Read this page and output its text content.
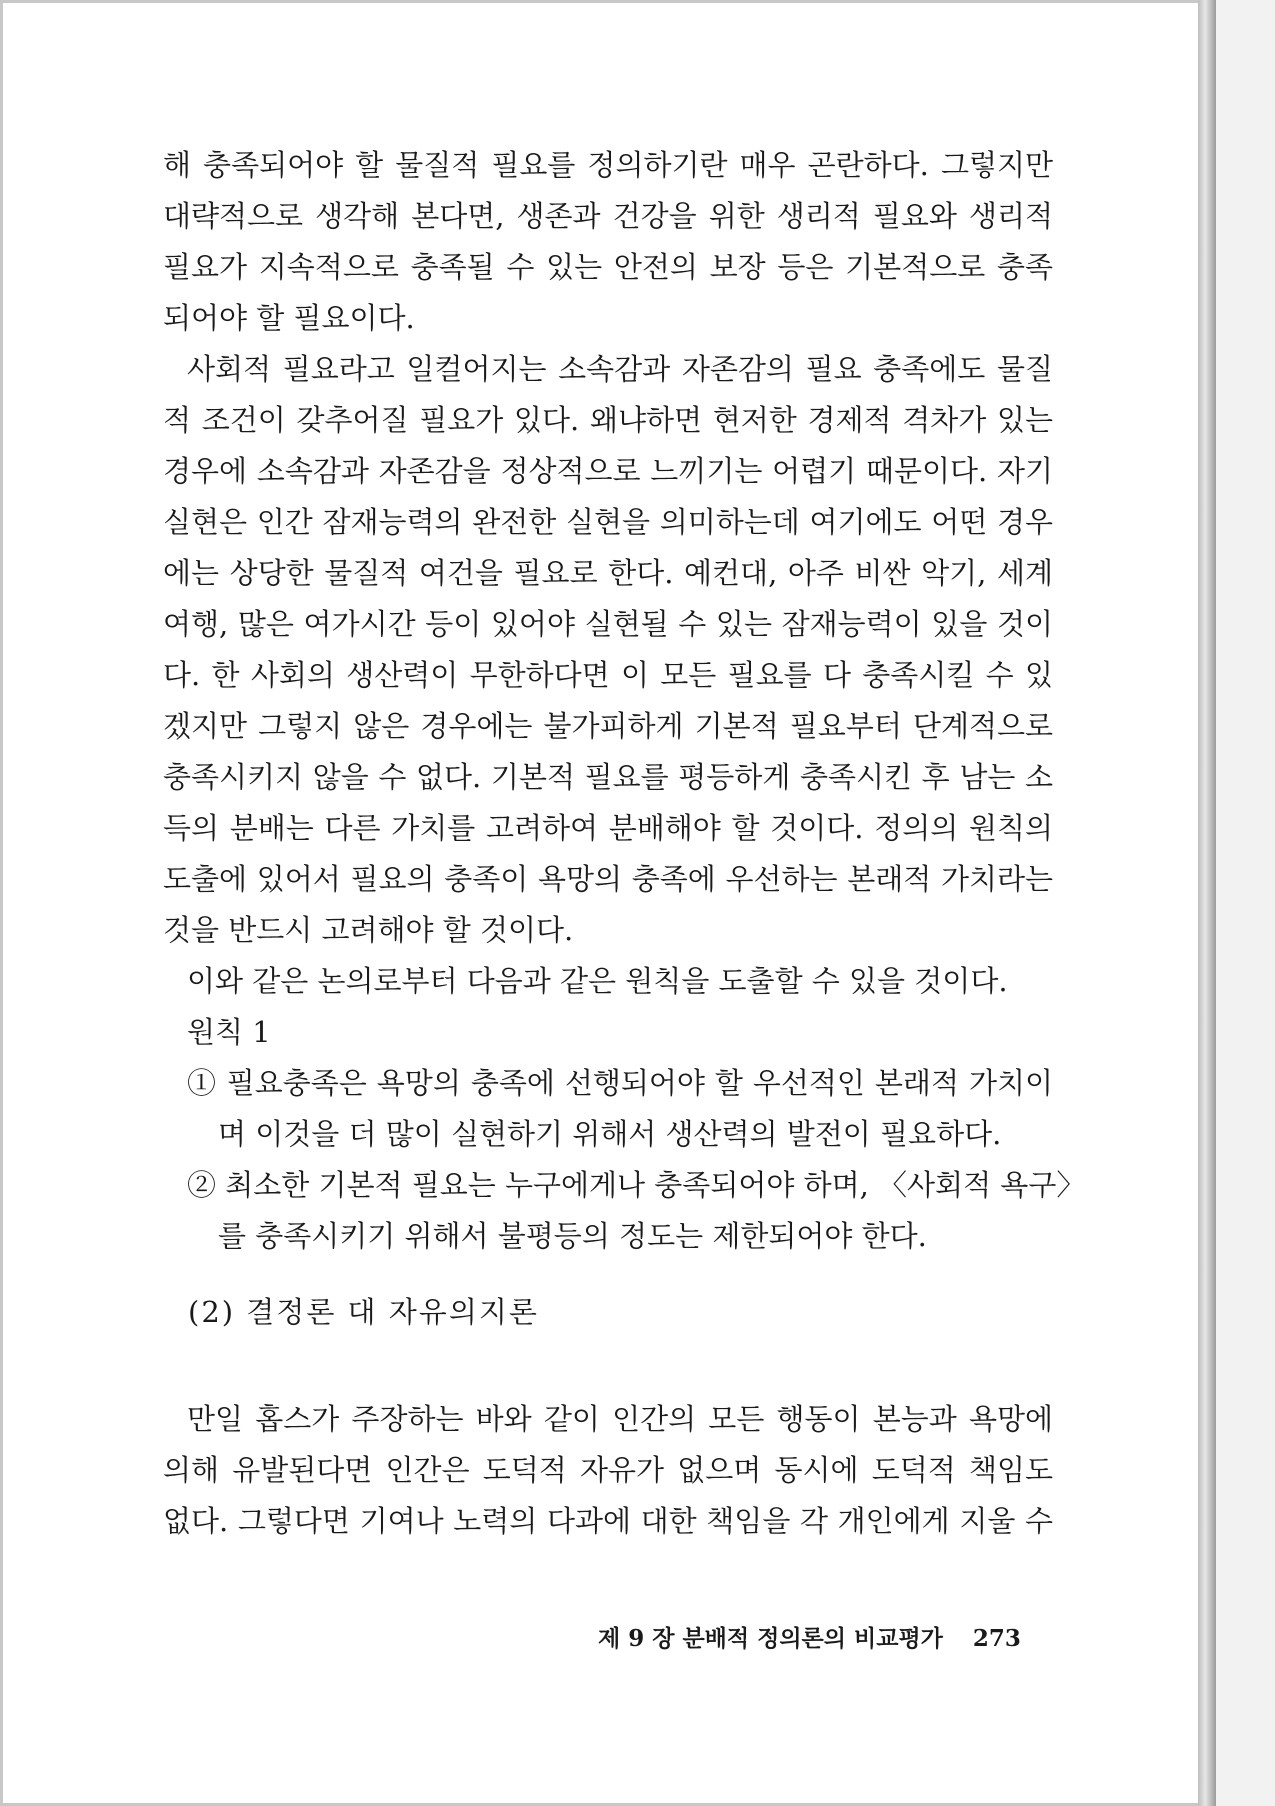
해 충족되어야 할 물질적 필요를 정의하기란 매우 곤란하다. 그렇지만
대략적으로 생각해 본다면, 생존과 건강을 위한 생리적 필요와 생리적
필요가 지속적으로 충족될 수 있는 안전의 보장 등은 기본적으로 충족
되어야 할 필요이다.
사회적 필요라고 일컬어지는 소속감과 자존감의 필요 충족에도 물질
적 조건이 갖추어질 필요가 있다. 왜냐하면 현저한 경제적 격차가 있는
경우에 소속감과 자존감을 정상적으로 느끼기는 어렵기 때문이다. 자기
실현은 인간 잠재능력의 완전한 실현을 의미하는데 여기에도 어떤 경우
에는 상당한 물질적 여건을 필요로 한다. 예컨대, 아주 비싼 악기, 세계
여행, 많은 여가시간 등이 있어야 실현될 수 있는 잠재능력이 있을 것이
다. 한 사회의 생산력이 무한하다면 이 모든 필요를 다 충족시킬 수 있
겠지만 그렇지 않은 경우에는 불가피하게 기본적 필요부터 단계적으로
충족시키지 않을 수 없다. 기본적 필요를 평등하게 충족시킨 후 남는 소
득의 분배는 다른 가치를 고려하여 분배해야 할 것이다. 정의의 원칙의
도출에 있어서 필요의 충족이 욕망의 충족에 우선하는 본래적 가치라는
것을 반드시 고려해야 할 것이다.
이와 같은 논의로부터 다음과 같은 원칙을 도출할 수 있을 것이다.
원칙 1
① 필요충족은 욕망의 충족에 선행되어야 할 우선적인 본래적 가치이
며 이것을 더 많이 실현하기 위해서 생산력의 발전이 필요하다.
② 최소한 기본적 필요는 누구에게나 충족되어야 하며, 〈사회적 욕구〉
를 충족시키기 위해서 불평등의 정도는 제한되어야 한다.
(2) 결정론 대 자유의지론
만일 홉스가 주장하는 바와 같이 인간의 모든 행동이 본능과 욕망에
의해 유발된다면 인간은 도덕적 자유가 없으며 동시에 도덕적 책임도
없다. 그렇다면 기여나 노력의 다과에 대한 책임을 각 개인에게 지울 수
제 9 장 분배적 정의론의 비교평가 273
